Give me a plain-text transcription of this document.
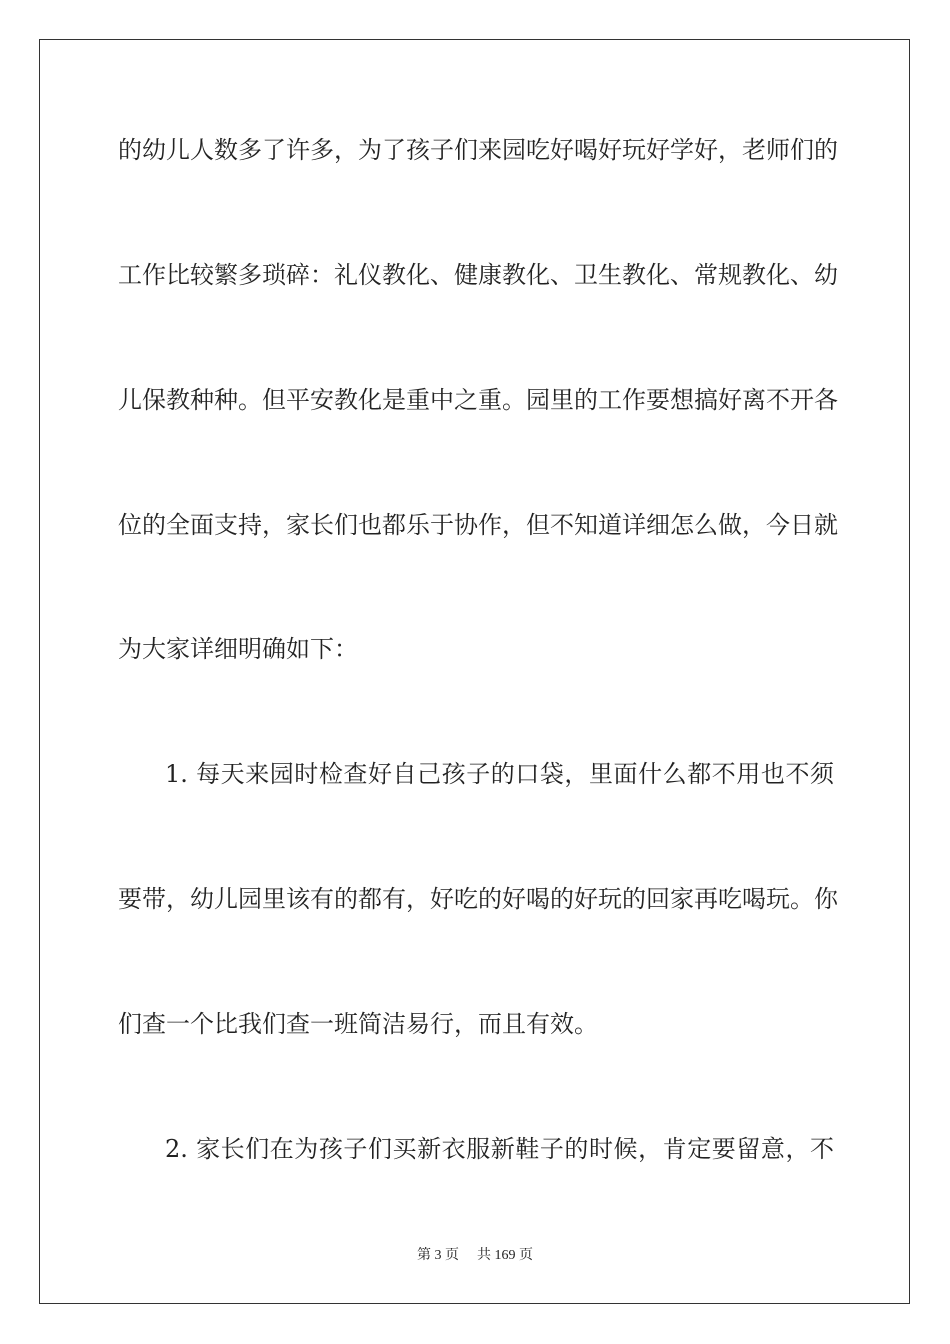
的幼儿人数多了许多，为了孩子们来园吃好喝好玩好学好，老师们的
工作比较繁多琐碎：礼仪教化、健康教化、卫生教化、常规教化、幼
儿保教种种。但平安教化是重中之重。园里的工作要想搞好离不开各
位的全面支持，家长们也都乐于协作，但不知道详细怎么做，今日就
为大家详细明确如下：
1. 每天来园时检查好自己孩子的口袋，里面什么都不用也不须
要带，幼儿园里该有的都有，好吃的好喝的好玩的回家再吃喝玩。你
们查一个比我们查一班简洁易行，而且有效。
2. 家长们在为孩子们买新衣服新鞋子的时候，肯定要留意，不
第 3 页 共 169 页
